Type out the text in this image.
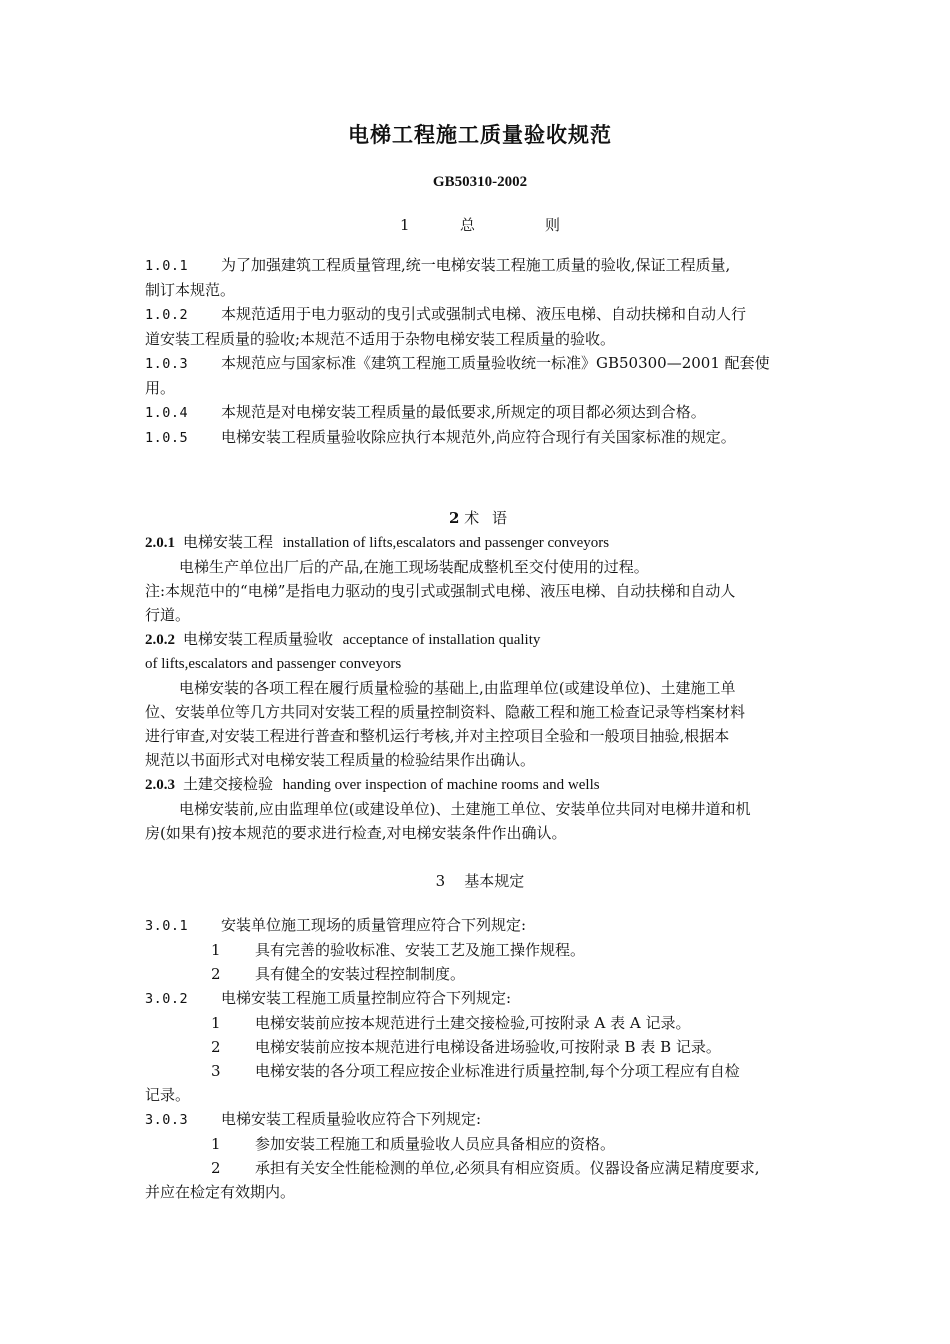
电梯工程施工质量验收规范
GB50310-2002
1	总	则
1.0.1 为了加强建筑工程质量管理,统一电梯安装工程施工质量的验收,保证工程质量,
制订本规范。
1.0.2 本规范适用于电力驱动的曳引式或强制式电梯、液压电梯、自动扶梯和自动人行
道安装工程质量的验收;本规范不适用于杂物电梯安装工程质量的验收。
1.0.3 本规范应与国家标准《建筑工程施工质量验收统一标准》GB50300—2001 配套使
用。
1.0.4 本规范是对电梯安装工程质量的最低要求,所规定的项目都必须达到合格。
1.0.5 电梯安装工程质量验收除应执行本规范外,尚应符合现行有关国家标准的规定。
2 术 语
2.0.1 电梯安装工程 installation of lifts,escalators and passenger conveyors
电梯生产单位出厂后的产品,在施工现场装配成整机至交付使用的过程。
注:本规范中的“电梯”是指电力驱动的曳引式或强制式电梯、液压电梯、自动扶梯和自动人
行道。
2.0.2 电梯安装工程质量验收 acceptance of installation quality
of lifts,escalators and passenger conveyors
电梯安装的各项工程在履行质量检验的基础上,由监理单位(或建设单位)、土建施工单
位、安装单位等几方共同对安装工程的质量控制资料、隐蔽工程和施工检查记录等档案材料
进行审查,对安装工程进行普查和整机运行考核,并对主控项目全验和一般项目抽验,根据本
规范以书面形式对电梯安装工程质量的检验结果作出确认。
2.0.3 土建交接检验 handing over inspection of machine rooms and wells
电梯安装前,应由监理单位(或建设单位)、土建施工单位、安装单位共同对电梯井道和机
房(如果有)按本规范的要求进行检查,对电梯安装条件作出确认。
3 基本规定
3.0.1 安装单位施工现场的质量管理应符合下列规定:
1 具有完善的验收标准、安装工艺及施工操作规程。
2 具有健全的安装过程控制制度。
3.0.2 电梯安装工程施工质量控制应符合下列规定:
1 电梯安装前应按本规范进行土建交接检验,可按附录 A 表 A 记录。
2 电梯安装前应按本规范进行电梯设备进场验收,可按附录 B 表 B 记录。
3 电梯安装的各分项工程应按企业标准进行质量控制,每个分项工程应有自检
记录。
3.0.3 电梯安装工程质量验收应符合下列规定:
1 参加安装工程施工和质量验收人员应具备相应的资格。
2 承担有关安全性能检测的单位,必须具有相应资质。仪器设备应满足精度要求,
并应在检定有效期内。
